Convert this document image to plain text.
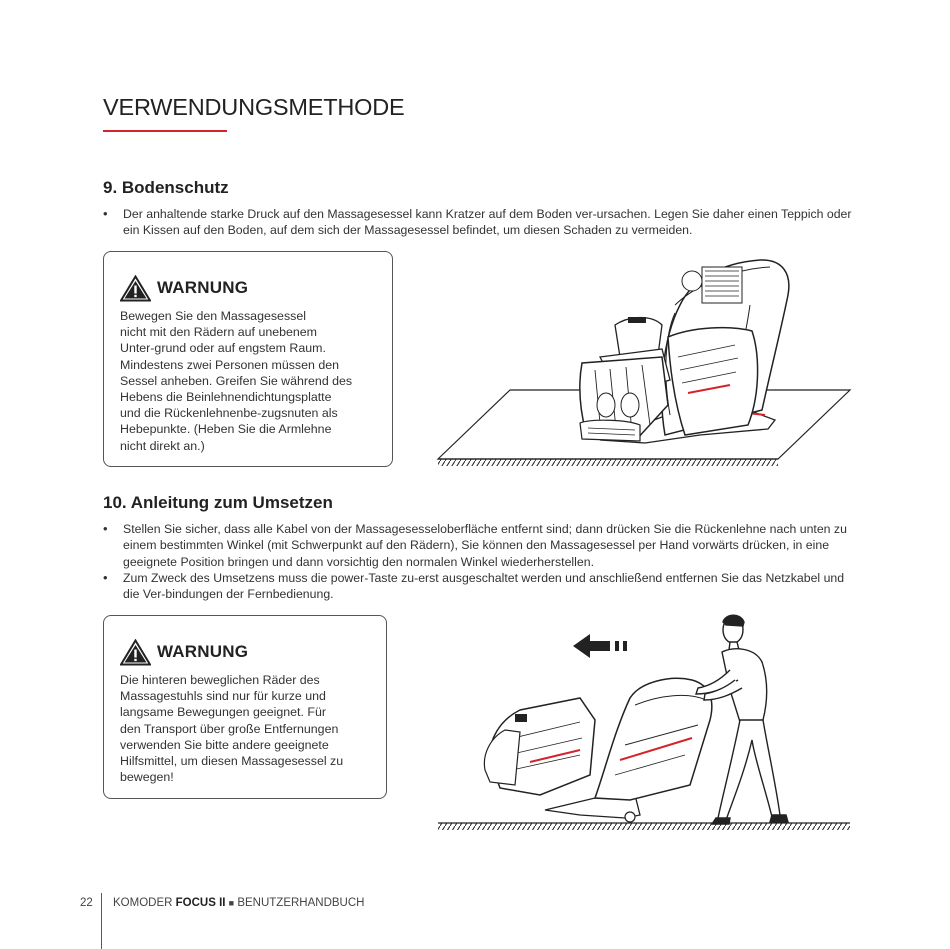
VERWENDUNGSMETHODE
9. Bodenschutz
• Der anhaltende starke Druck auf den Massagesessel kann Kratzer auf dem Boden ver-ursachen. Legen Sie daher einen Teppich oder ein Kissen auf den Boden, auf dem sich der Massagesessel befindet, um diesen Schaden zu vermeiden.
WARNUNG
Bewegen Sie den Massagesessel
nicht mit den Rädern auf unebenem
Unter-grund oder auf engstem Raum.
Mindestens zwei Personen müssen den
Sessel anheben. Greifen Sie während des
Hebens die Beinlehnendichtungsplatte
und die Rückenlehnenbe-zugsnuten als
Hebepunkte. (Heben Sie die Armlehne
nicht direkt an.)
10. Anleitung zum Umsetzen
• Stellen Sie sicher, dass alle Kabel von der Massagesesseloberfläche entfernt sind; dann drücken Sie die Rückenlehne nach unten zu einem bestimmten Winkel (mit Schwerpunkt auf den Rädern), Sie können den Massagesessel per Hand vorwärts drücken, in eine geeignete Position bringen und dann vorsichtig den normalen Winkel wiederherstellen.
• Zum Zweck des Umsetzens muss die power-Taste zu-erst ausgeschaltet werden und anschließend entfernen Sie das Netzkabel und die Ver-bindungen der Fernbedienung.
WARNUNG
Die hinteren beweglichen Räder des
Massagestuhls sind nur für kurze und
langsame Bewegungen geeignet. Für
den Transport über große Entfernungen
verwenden Sie bitte andere geeignete
Hilfsmittel, um diesen Massagesessel zu
bewegen!
22 KOMODER FOCUS II ■ BENUTZERHANDBUCH
